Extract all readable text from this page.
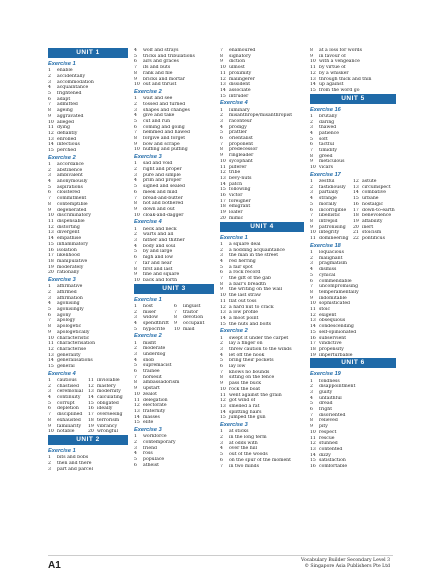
UNIT 1
Exercise 1
1 enable
2 accidentally
3 accommodation
4 acquaintance
5 frightened
6 adapt
7 admitted
8 ageing
9 aggravated
10 alleged
11 dying
12 defiantly
13 enrolled
14 infectious
15 perched
Exercise 2
1 accordance
2 abstinence
3 ambivalent
4 anonymously
5 aspirations
6 cloistered
7 commitment
8 contemptible
9 degenerated
10 discriminatory
11 dispensable
12 distorting
13 divergent
14 empathise
15 inflammatory
16 isolation
17 likelihood
18 manipulative
19 moderately
20 rationally
Exercise 3
1 affirmative
2 affirmed
3 affirmation
4 agonising
5 agonisingly
6 agony
7 apology
8 apologetic
9 apologetically
10 characteristic
11 characterisation
12 characterise
13 generality
14 generalisations
15 general
Exercise 4
1 cautious	11 inviolable
2 chastised	12 mastery
3 ceremonial	13 modernity
4 continuity	14 calculating
5 corrupt	15 obligated
6 depletion	16 ideally
7 disciplined	17 overseeing
8 exhausted	18 terrorism
9 familiarity	19 vibrancy
10 notable	20 wrongful
UNIT 2
Exercise 1
1 bits and bobs
2 then and there
3 part and parcel
4 wolf and strays
5 tricks and tribulations
6 airs and graces
7 ifs and buts
8 rank and file
9 bricks and mortar
10 out and thrust
Exercise 2
1 wait and see
2 tossed and turned
3 shapes and changes
4 give and take
5 cut and run
6 coming and going
7 hemmed and hawed
8 forgive and forget
9 bow and scrape
10 huffing and puffing
Exercise 3
1 sad and void
2 right and proper
3 pure and simple
4 prim and proper
5 signed and sealed
6 meek and mild
7 bread-and-butter
8 hot and bothered
9 down and out
10 cloak-and-dagger
Exercise 4
1 neck and neck
2 warts and all
3 hither and thither
4 body and soul
5 by and large
6 high and low
7 far and near
8 first and last
9 fine and square
10 back and forth
UNIT 3
Exercise 1
1 host	6 linguist
2 miser	7 traitor
3 widow	8 devotion
4 spendthrift	9 occupant
5 hypocrite	10 maid
Exercise 2
1 misfit
2 moderate
3 underdog
4 snob
5 supremacist
6 trainee
7 horsesit
8 ambassadorism
9 upstart
10 zealot
11 delegation
12 electorate
13 fraternity
14 masses
15 elite
Exercise 3
1 workforce
2 contemporary
3 friend
4 ross
5 populace
6 atheist
7 enamoured
8 signatory
9 diction
10 ulmost
11 proximity
12 malingerer
13 dissident
14 associate
15 intruder
Exercise 4
1 luminary
2 misanthrope/misanthropist
3 raconteur
4 prodigy
5 prattler
6 orientalist
7 proponent
8 predecessor
9 ringleader
10 sycophant
11 pilferer
12 tribe
13 bevy-nuts
14 patch
15 following
16 victor
17 foreigner
18 emigrant
19 loafer
20 mimic
UNIT 4
Exercise 1
1 a square deal
2 a nodding acquaintance
3 the man in the street
4 red herring
5 a fair spot
6 a rock record
7 the gift of the gab
8 a bair's breadth
9 the writing on the wall
10 the last straw
11 flat out toss
12 a hard nut to crack
13 a low profile
14 a moot point
15 the nuts and bolts
Exercise 2
1 swept it under the carpet
2 lay a finger on
3 threw caution to the winds
4 let off the hook
5 bring their pockets
6 lay low
7 knows no bounds
8 sitting on the fence
9 pass the buck
10 rock the boat
11 went against the grain
12 got wind of
13 smelled a rat
14 splitting hairs
15 jumped the gun
Exercise 3
1 at sticks
2 in the long term
3 at odds with
4 over the hill
5 out of the woods
6 on the spur of the moment
7 in two minds
8 at a loss for words
9 in favour of
10 with a vengeance
11 by virtue of
12 by a whisker
13 through thick and thin
14 up against
15 from the word go
UNIT 5
Exercise 16
1 brutally
2 daring
3 thawed
4 patience
5 soft
6 tactful
7 timidity
8 greed
9 meticulous
10 vicars
Exercise 17
1 zestful	12 astute
2 fastidiously	13 circumspect
3 partially	14 combative
4 strange	15 urbane
5 morally	16 nostalgic
6 incorrigible	17 down-to-earth
7 libellistic	18 benevolence
8 intrepid	19 affability
9 patronising	20 inert
10 integrity	21 stoicism
11 domineering 22 pontificus
Exercise 18
1 loquacious
2 malignant
3 pragmatism
4 dismiss
5 cynical
6 commendable
7 uncompromising
8 temperamentally
9 indomitable
10 sophisticated
11 stoic
12 exigent
13 obsequious
14 condescending
15 self-opinionated
16 subservient
17 vindictive
18 propensity
19 imperturbable
UNIT 6
Exercise 19
1 fondness
2 disappointment
3 guilty
4 unfaithful
5 dread
6 fright
7 disoriented
8 relieved
9 pity
10 respect
11 rescue
12 stunned
13 contented
14 dizzy
15 satisfaction
16 comfortable
A1	Vocabulary Builder Secondary Level 3
© Singapore Asia Publishers Pte Ltd
